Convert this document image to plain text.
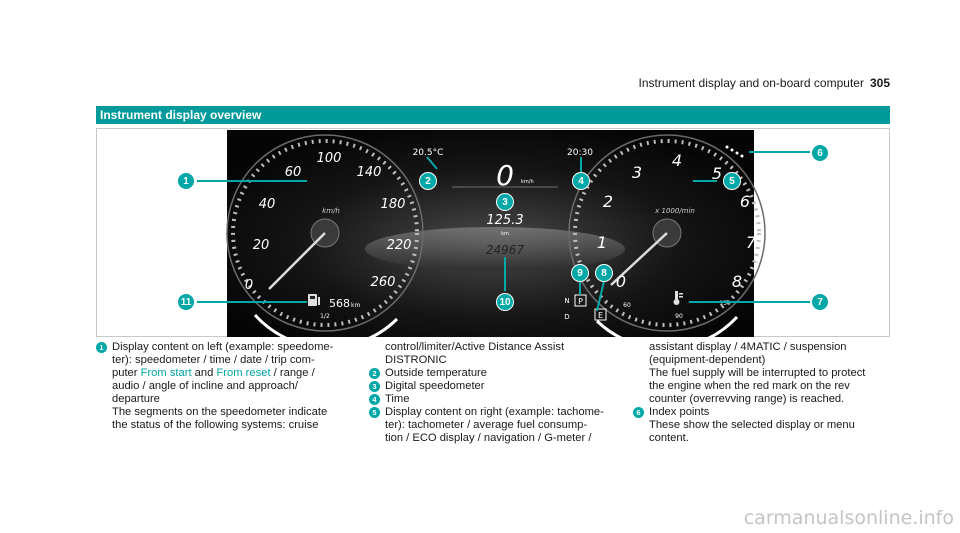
Instrument display and on-board computer 305
Instrument display overview
0
20
40
60
100
140
180
220
260
km/h
0
1
2
3
4
5
6
7
8
x 1000/min
20.5°C	20:30
0 km/h
125.3
km
24967
568 km
1/2
N
D
P
E
60
90
130
1	2
3
4	5
6
7
8
9
10
11
1 Display content on left (example: speedome-

ter): speedometer / time / date / trip com-

puter From start and From reset / range /

audio / angle of incline and approach/

departure

The segments on the speedometer indicate

the status of the following systems: cruise

control/limiter/Active Distance Assist

DISTRONIC

2 Outside temperature

3 Digital speedometer

4 Time

5 Display content on right (example: tachome-

ter): tachometer / average fuel consump-

tion / ECO display / navigation / G-meter /

assistant display / 4MATIC / suspension

(equipment-dependent)

The fuel supply will be interrupted to protect

the engine when the red mark on the rev

counter (overrevving range) is reached.

6 Index points

These show the selected display or menu

content.

carmanualsonline.info
